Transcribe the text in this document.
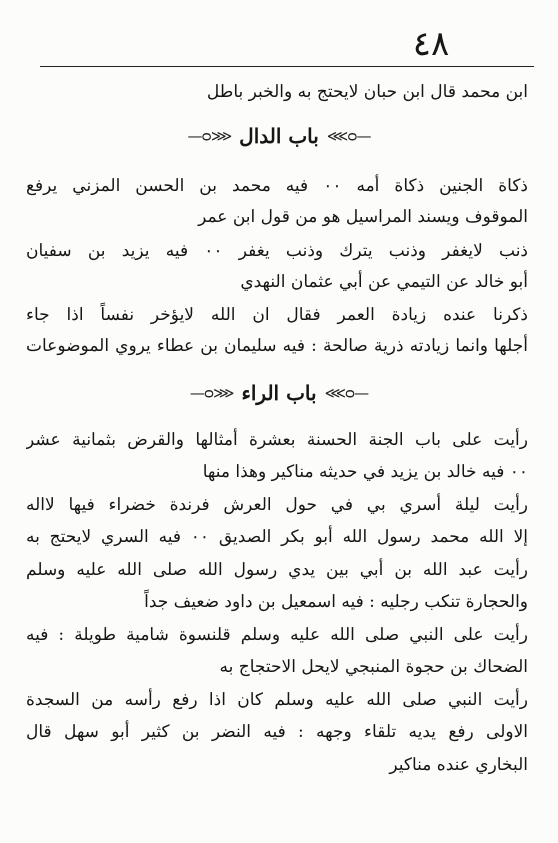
٤٨
ابن محمد قال ابن حبان لايحتج به والخبر باطل
—ᴑ⋙
باب الدال
⋘ᴑ—
ذكاة الجنين ذكاة أمه ٠٠ فيه محمد بن الحسن المزني يرفع
الموقوف ويسند المراسيل هو من قول ابن عمر
ذنب لايغفر وذنب يترك وذنب يغفر ٠٠ فيه يزيد بن سفيان
أبو خالد عن التيمي عن أبي عثمان النهدي
ذكرنا عنده زيادة العمر فقال ان الله لايؤخر نفساً اذا جاء
أجلها وانما زيادته ذرية صالحة : فيه سليمان بن عطاء يروي الموضوعات
—ᴑ⋙
باب الراء
⋘ᴑ—
رأيت على باب الجنة الحسنة بعشرة أمثالها والقرض بثمانية عشر
٠٠ فيه خالد بن يزيد في حديثه مناكير وهذا منها
رأيت ليلة أسري بي في حول العرش فرندة خضراء فيها لااله
إلا الله محمد رسول الله أبو بكر الصديق ٠٠ فيه السري لايحتج به
رأيت عبد الله بن أبي بين يدي رسول الله صلى الله عليه وسلم
والحجارة تنكب رجليه : فيه اسمعيل بن داود ضعيف جداً
رأيت على النبي صلى الله عليه وسلم قلنسوة شامية طويلة : فيه
الضحاك بن حجوة المنبجي لايحل الاحتجاج به
رأيت النبي صلى الله عليه وسلم كان اذا رفع رأسه من السجدة
الاولى رفع يديه تلقاء وجهه : فيه النضر بن كثير أبو سهل قال
البخاري عنده مناكير
